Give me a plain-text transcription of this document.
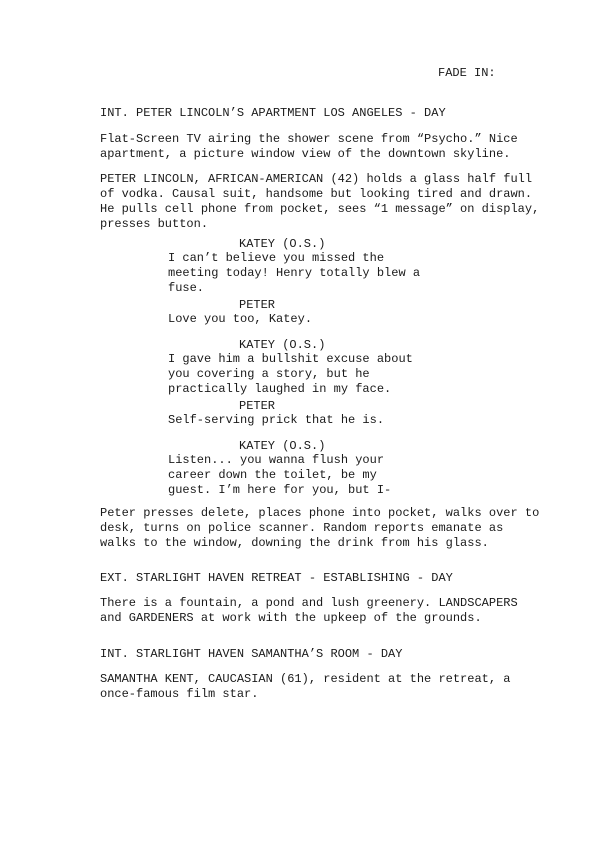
FADE IN:
INT. PETER LINCOLN’S APARTMENT LOS ANGELES - DAY
Flat-Screen TV airing the shower scene from “Psycho.” Nice
apartment, a picture window view of the downtown skyline.
PETER LINCOLN, AFRICAN-AMERICAN (42) holds a glass half full
of vodka. Causal suit, handsome but looking tired and drawn.
He pulls cell phone from pocket, sees “1 message” on display,
presses button.
KATEY (O.S.)
I can’t believe you missed the
meeting today! Henry totally blew a
fuse.
PETER
Love you too, Katey.
KATEY (O.S.)
I gave him a bullshit excuse about
you covering a story, but he
practically laughed in my face.
PETER
Self-serving prick that he is.
KATEY (O.S.)
Listen... you wanna flush your
career down the toilet, be my
guest. I’m here for you, but I-
Peter presses delete, places phone into pocket, walks over to
desk, turns on police scanner. Random reports emanate as
walks to the window, downing the drink from his glass.
EXT. STARLIGHT HAVEN RETREAT - ESTABLISHING - DAY
There is a fountain, a pond and lush greenery. LANDSCAPERS
and GARDENERS at work with the upkeep of the grounds.
INT. STARLIGHT HAVEN SAMANTHA’S ROOM - DAY
SAMANTHA KENT, CAUCASIAN (61), resident at the retreat, a
once-famous film star.
